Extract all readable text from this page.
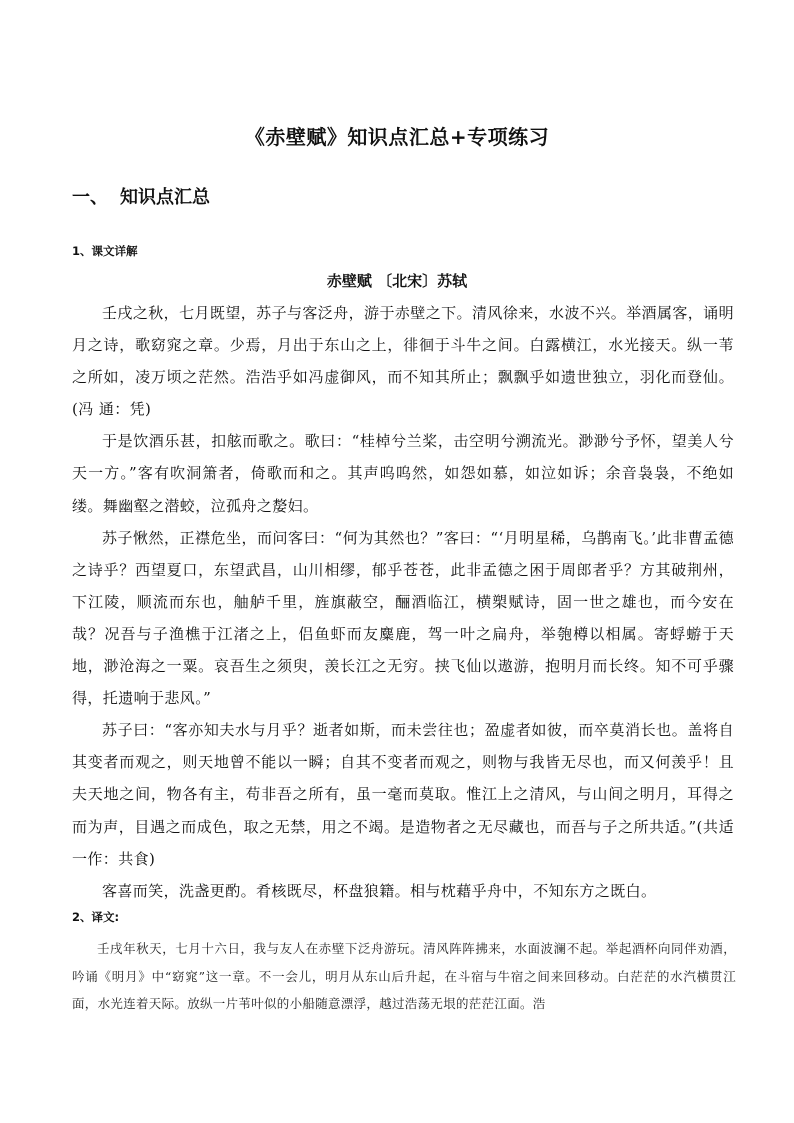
《赤壁赋》知识点汇总+专项练习
一、 知识点汇总
1、课文详解
赤壁赋 〔北宋〕苏轼

壬戌之秋，七月既望，苏子与客泛舟，游于赤壁之下。清风徐来，水波不兴。举酒属客，诵明月之诗，歌窈窕之章。少焉，月出于东山之上，徘徊于斗牛之间。白露横江，水光接天。纵一苇之所如，凌万顷之茫然。浩浩乎如冯虚御风，而不知其所止；飘飘乎如遗世独立，羽化而登仙。(冯 通：凭)

于是饮酒乐甚，扣舷而歌之。歌曰：“桂棹兮兰桨，击空明兮溯流光。渺渺兮予怀，望美人兮天一方。”客有吹洞箫者，倚歌而和之。其声呜呜然，如怨如慕，如泣如诉；余音袅袅，不绝如缕。舞幽壑之潜蛟，泣孤舟之嫠妇。

苏子愀然，正襟危坐，而问客曰：“何为其然也？”客曰：“‘月明星稀，乌鹊南飞。’此非曹孟德之诗乎？西望夏口，东望武昌，山川相缪，郁乎苍苍，此非孟德之困于周郎者乎？方其破荆州，下江陵，顺流而东也，舳舻千里，旌旗蔽空，酾酒临江，横槊赋诗，固一世之雄也，而今安在哉？况吾与子渔樵于江渚之上，侣鱼虾而友麋鹿，驾一叶之扁舟，举匏樽以相属。寄蜉蝣于天地，渺沧海之一粟。哀吾生之须臾，羡长江之无穷。挟飞仙以遨游，抱明月而长终。知不可乎骤得，托遗响于悲风。”

苏子曰：“客亦知夫水与月乎？逝者如斯，而未尝往也；盈虚者如彼，而卒莫消长也。盖将自其变者而观之，则天地曾不能以一瞬；自其不变者而观之，则物与我皆无尽也，而又何羡乎！且夫天地之间，物各有主，苟非吾之所有，虽一毫而莫取。惟江上之清风，与山间之明月，耳得之而为声，目遇之而成色，取之无禁，用之不竭。是造物者之无尽藏也，而吾与子之所共适。”(共适 一作：共食)

客喜而笑，洗盏更酌。肴核既尽，杯盘狼籍。相与枕藉乎舟中，不知东方之既白。

2、译文:

壬戌年秋天，七月十六日，我与友人在赤壁下泛舟游玩。清风阵阵拂来，水面波澜不起。举起酒杯向同伴劝酒，吟诵《明月》中“窈窕”这一章。不一会儿，明月从东山后升起，在斗宿与牛宿之间来回移动。白茫茫的水汽横贯江面，水光连着天际。放纵一片苇叶似的小船随意漂浮，越过浩荡无垠的茫茫江面。浩
